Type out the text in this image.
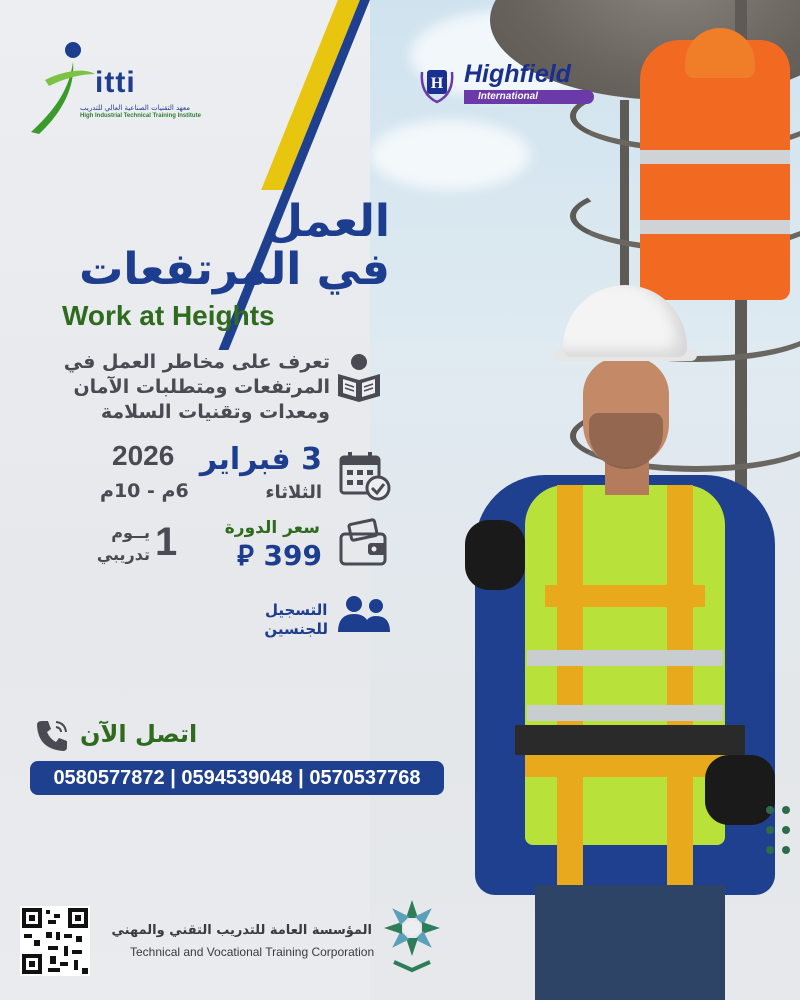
itti
معهد التقنيات الصناعية العالي للتدريب
High Industrial Technical Training Institute
H Highfield
International
العمل
في المرتفعات
Work at Heights
تعرف على مخاطر العمل في
المرتفعات ومتطلبات الآمان
ومعدات وتقنيات السلامة
3 فبراير
الثلاثاء
2026
6م - 10م
سعر الدورة
399 ⃁
1
يــوم
تدريبي
التسجيل
للجنسين
اتصل الآن
0580577872 | 0594539048 | 0570537768
المؤسسة العامة للتدريب التقني والمهني
Technical and Vocational Training Corporation
